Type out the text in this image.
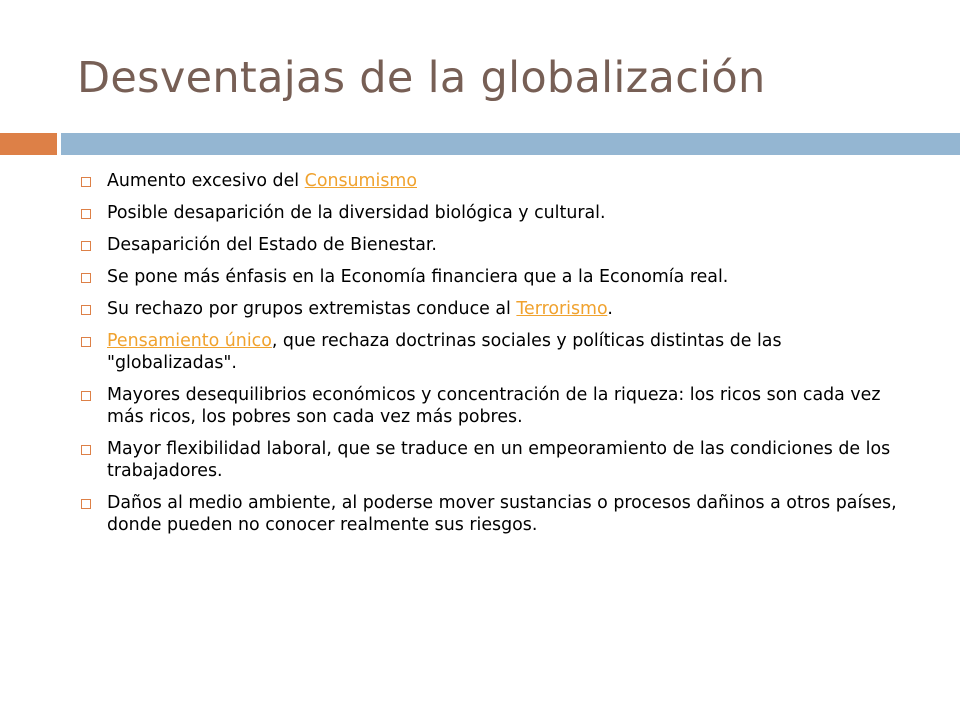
Desventajas de la globalización
Aumento excesivo del Consumismo
Posible desaparición de la diversidad biológica y cultural.
Desaparición del Estado de Bienestar.
Se pone más énfasis en la Economía financiera que a la Economía real.
Su rechazo por grupos extremistas conduce al Terrorismo.
Pensamiento único, que rechaza doctrinas sociales y políticas distintas de las "globalizadas".
Mayores desequilibrios económicos y concentración de la riqueza: los ricos son cada vez más ricos, los pobres son cada vez más pobres.
Mayor flexibilidad laboral, que se traduce en un empeoramiento de las condiciones de los trabajadores.
Daños al medio ambiente, al poderse mover sustancias o procesos dañinos a otros países, donde pueden no conocer realmente sus riesgos.
